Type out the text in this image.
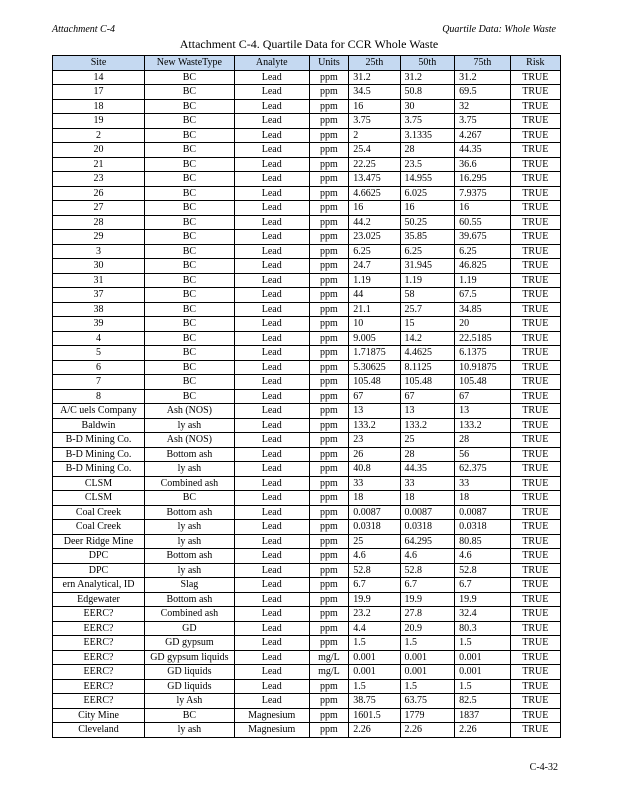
Attachment C-4	Quartile Data: Whole Waste
Attachment C-4. Quartile Data for CCR Whole Waste
Site	New WasteType	Analyte	Units	25th	50th	75th	Risk
14	BC	Lead	ppm	31.2	31.2	31.2	TRUE
17	BC	Lead	ppm	34.5	50.8	69.5	TRUE
18	BC	Lead	ppm	16	30	32	TRUE
19	BC	Lead	ppm	3.75	3.75	3.75	TRUE
2	BC	Lead	ppm	2	3.1335	4.267	TRUE
20	BC	Lead	ppm	25.4	28	44.35	TRUE
21	BC	Lead	ppm	22.25	23.5	36.6	TRUE
23	BC	Lead	ppm	13.475	14.955	16.295	TRUE
26	BC	Lead	ppm	4.6625	6.025	7.9375	TRUE
27	BC	Lead	ppm	16	16	16	TRUE
28	BC	Lead	ppm	44.2	50.25	60.55	TRUE
29	BC	Lead	ppm	23.025	35.85	39.675	TRUE
3	BC	Lead	ppm	6.25	6.25	6.25	TRUE
30	BC	Lead	ppm	24.7	31.945	46.825	TRUE
31	BC	Lead	ppm	1.19	1.19	1.19	TRUE
37	BC	Lead	ppm	44	58	67.5	TRUE
38	BC	Lead	ppm	21.1	25.7	34.85	TRUE
39	BC	Lead	ppm	10	15	20	TRUE
4	BC	Lead	ppm	9.005	14.2	22.5185	TRUE
5	BC	Lead	ppm	1.71875	4.4625	6.1375	TRUE
6	BC	Lead	ppm	5.30625	8.1125	10.91875	TRUE
7	BC	Lead	ppm	105.48	105.48	105.48	TRUE
8	BC	Lead	ppm	67	67	67	TRUE
A/C uels Company	Ash (NOS)	Lead	ppm	13	13	13	TRUE
Baldwin	ly ash	Lead	ppm	133.2	133.2	133.2	TRUE
B-D Mining Co.	Ash (NOS)	Lead	ppm	23	25	28	TRUE
B-D Mining Co.	Bottom ash	Lead	ppm	26	28	56	TRUE
B-D Mining Co.	ly ash	Lead	ppm	40.8	44.35	62.375	TRUE
CLSM	Combined ash	Lead	ppm	33	33	33	TRUE
CLSM	BC	Lead	ppm	18	18	18	TRUE
Coal Creek	Bottom ash	Lead	ppm	0.0087	0.0087	0.0087	TRUE
Coal Creek	ly ash	Lead	ppm	0.0318	0.0318	0.0318	TRUE
Deer Ridge Mine	ly ash	Lead	ppm	25	64.295	80.85	TRUE
DPC	Bottom ash	Lead	ppm	4.6	4.6	4.6	TRUE
DPC	ly ash	Lead	ppm	52.8	52.8	52.8	TRUE
ern Analytical, ID	Slag	Lead	ppm	6.7	6.7	6.7	TRUE
Edgewater	Bottom ash	Lead	ppm	19.9	19.9	19.9	TRUE
EERC?	Combined ash	Lead	ppm	23.2	27.8	32.4	TRUE
EERC?	GD	Lead	ppm	4.4	20.9	80.3	TRUE
EERC?	GD gypsum	Lead	ppm	1.5	1.5	1.5	TRUE
EERC?	GD gypsum liquids	Lead	mg/L	0.001	0.001	0.001	TRUE
EERC?	GD liquids	Lead	mg/L	0.001	0.001	0.001	TRUE
EERC?	GD liquids	Lead	ppm	1.5	1.5	1.5	TRUE
EERC?	ly Ash	Lead	ppm	38.75	63.75	82.5	TRUE
City Mine	BC	Magnesium	ppm	1601.5	1779	1837	TRUE
Cleveland	ly ash	Magnesium	ppm	2.26	2.26	2.26	TRUE
C-4-32
